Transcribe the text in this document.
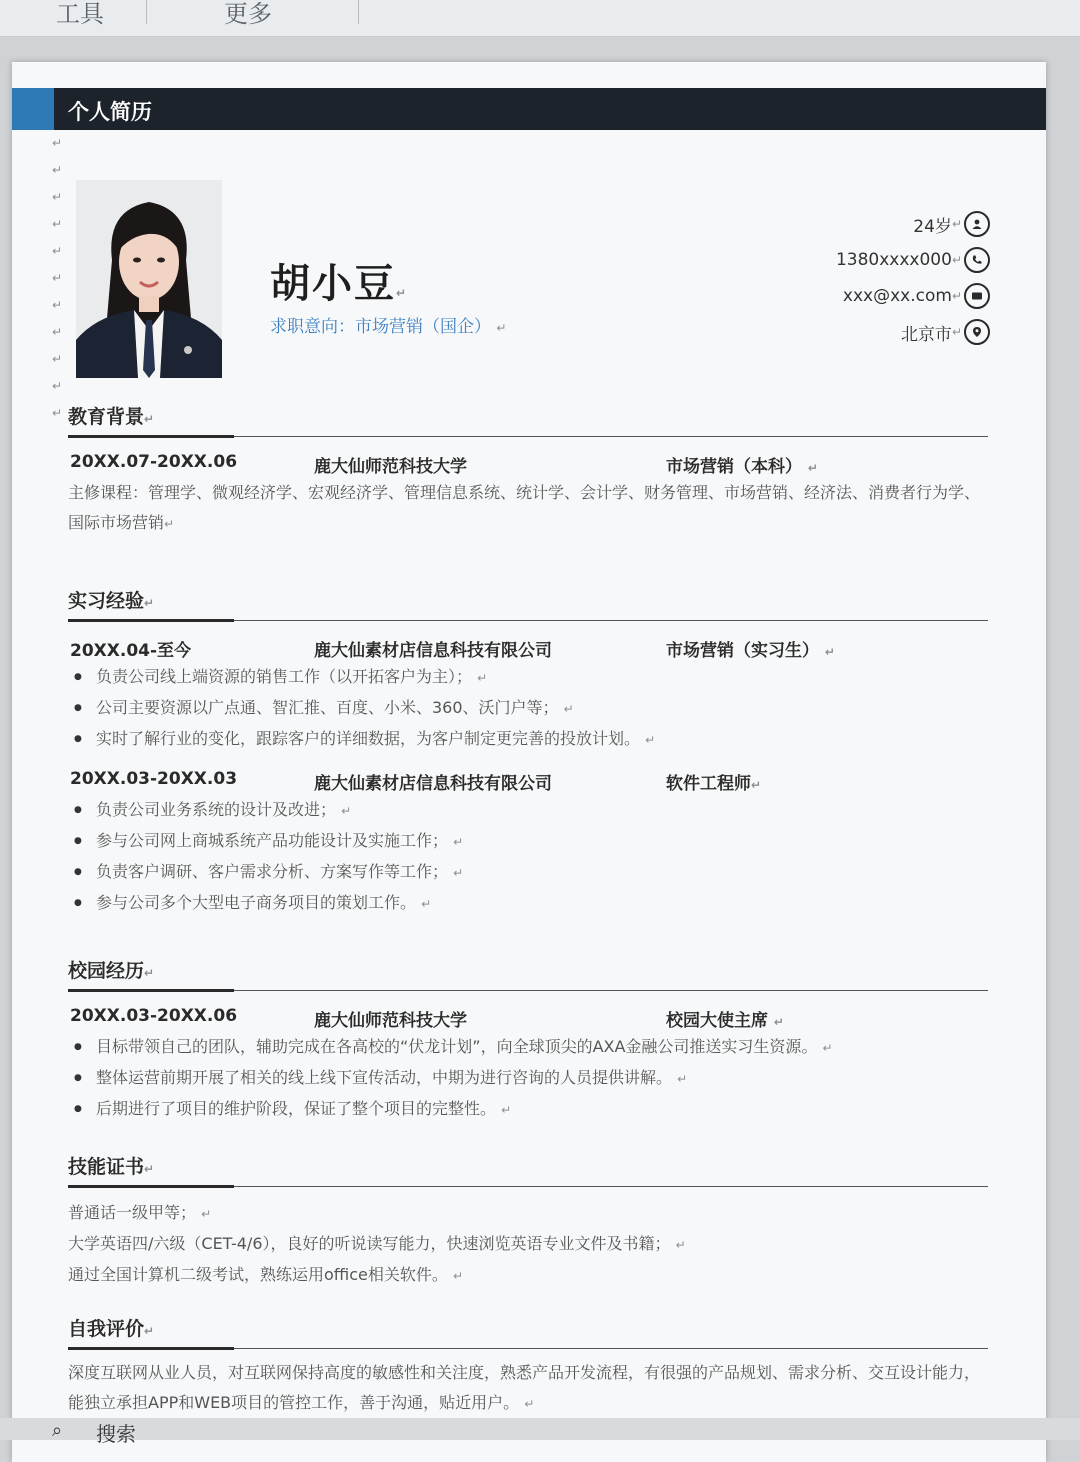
工具	更多
个人简历
↵
↵
↵
↵
↵
↵
↵
↵
↵
↵
↵
胡小豆↵
求职意向：市场营销（国企） ↵
24岁 ↵
1380xxxx000 ↵
xxx@xx.com ↵
北京市 ↵
教育背景↵
20XX.07-20XX.06	鹿大仙师范科技大学	市场营销（本科） ↵
主修课程：管理学、微观经济学、宏观经济学、管理信息系统、统计学、会计学、财务管理、市场营销、经济法、消费者行为学、国际市场营销↵
实习经验↵
20XX.04-至今	鹿大仙素材店信息科技有限公司	市场营销（实习生） ↵
● 负责公司线上端资源的销售工作（以开拓客户为主）； ↵
● 公司主要资源以广点通、智汇推、百度、小米、360、沃门户等； ↵
● 实时了解行业的变化，跟踪客户的详细数据，为客户制定更完善的投放计划。 ↵
20XX.03-20XX.03	鹿大仙素材店信息科技有限公司	软件工程师↵
● 负责公司业务系统的设计及改进； ↵
● 参与公司网上商城系统产品功能设计及实施工作； ↵
● 负责客户调研、客户需求分析、方案写作等工作； ↵
● 参与公司多个大型电子商务项目的策划工作。 ↵
校园经历↵
20XX.03-20XX.06	鹿大仙师范科技大学	校园大使主席 ↵
● 目标带领自己的团队，辅助完成在各高校的“伏龙计划”，向全球顶尖的AXA金融公司推送实习生资源。 ↵
● 整体运营前期开展了相关的线上线下宣传活动，中期为进行咨询的人员提供讲解。 ↵
● 后期进行了项目的维护阶段，保证了整个项目的完整性。 ↵
技能证书↵

普通话一级甲等； ↵

大学英语四/六级（CET-4/6），良好的听说读写能力，快速浏览英语专业文件及书籍； ↵

通过全国计算机二级考试，熟练运用office相关软件。 ↵

自我评价↵
深度互联网从业人员，对互联网保持高度的敏感性和关注度，熟悉产品开发流程，有很强的产品规划、需求分析、交互设计能力，能独立承担APP和WEB项目的管控工作，善于沟通，贴近用户。 ↵
⌕ 搜索
